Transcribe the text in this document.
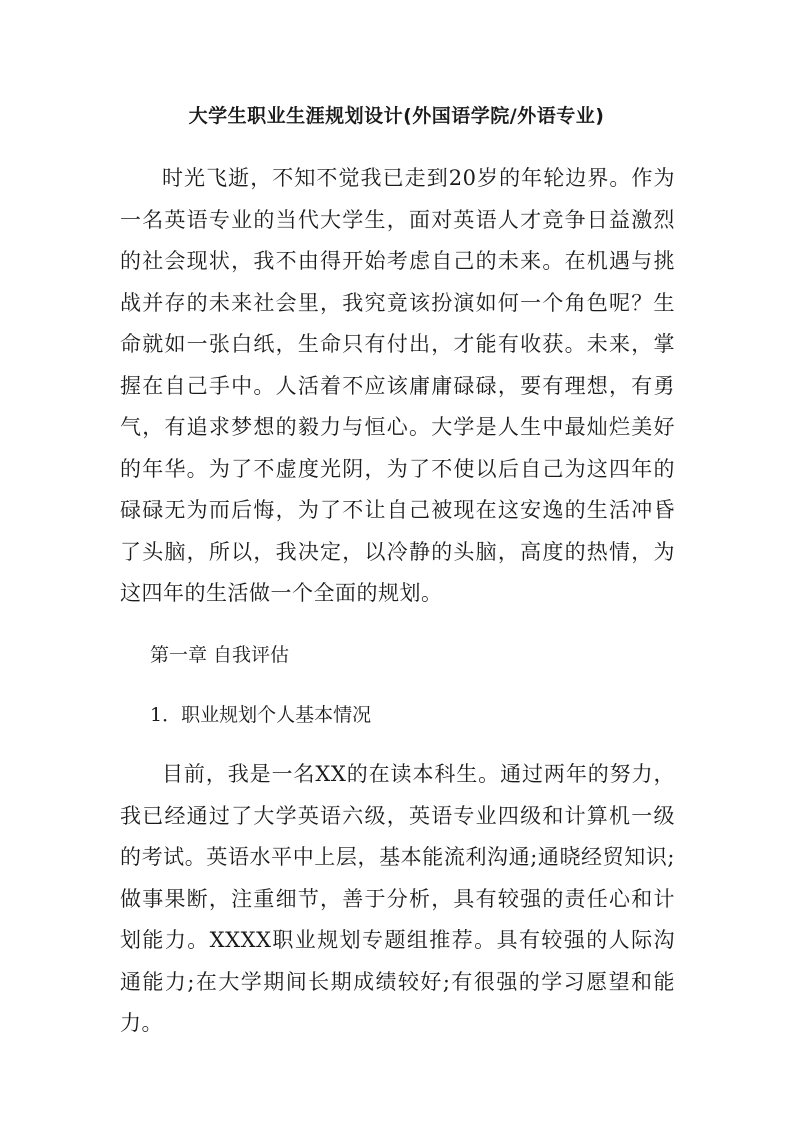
大学生职业生涯规划设计(外国语学院/外语专业)

时光飞逝，不知不觉我已走到20岁的年轮边界。作为一名英语专业的当代大学生，面对英语人才竞争日益激烈的社会现状，我不由得开始考虑自己的未来。在机遇与挑战并存的未来社会里，我究竟该扮演如何一个角色呢？生命就如一张白纸，生命只有付出，才能有收获。未来，掌握在自己手中。人活着不应该庸庸碌碌，要有理想，有勇气，有追求梦想的毅力与恒心。大学是人生中最灿烂美好的年华。为了不虚度光阴，为了不使以后自己为这四年的碌碌无为而后悔，为了不让自己被现在这安逸的生活冲昏了头脑，所以，我决定，以冷静的头脑，高度的热情，为这四年的生活做一个全面的规划。

第一章 自我评估

1．职业规划个人基本情况

目前，我是一名XX的在读本科生。通过两年的努力，我已经通过了大学英语六级，英语专业四级和计算机一级的考试。英语水平中上层，基本能流利沟通;通晓经贸知识;做事果断，注重细节，善于分析，具有较强的责任心和计划能力。XXXX职业规划专题组推荐。具有较强的人际沟通能力;在大学期间长期成绩较好;有很强的学习愿望和能力。
